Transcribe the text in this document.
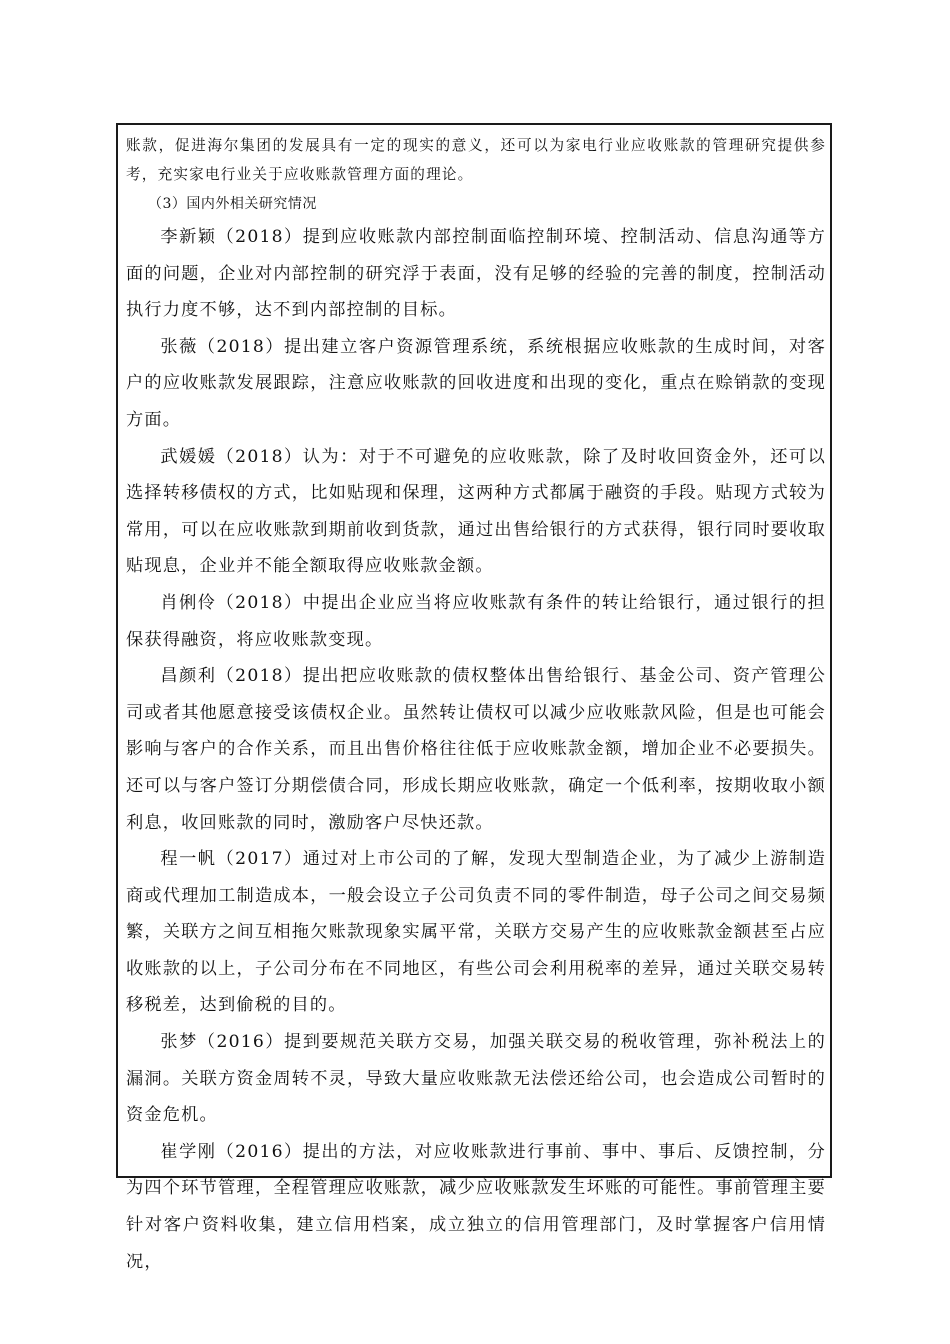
账款，促进海尔集团的发展具有一定的现实的意义，还可以为家电行业应收账款的管理研究提供参考，充实家电行业关于应收账款管理方面的理论。

（3）国内外相关研究情况

李新颖（2018）提到应收账款内部控制面临控制环境、控制活动、信息沟通等方面的问题，企业对内部控制的研究浮于表面，没有足够的经验的完善的制度，控制活动执行力度不够，达不到内部控制的目标。

张薇（2018）提出建立客户资源管理系统，系统根据应收账款的生成时间，对客户的应收账款发展跟踪，注意应收账款的回收进度和出现的变化，重点在赊销款的变现方面。

武媛媛（2018）认为：对于不可避免的应收账款，除了及时收回资金外，还可以选择转移债权的方式，比如贴现和保理，这两种方式都属于融资的手段。贴现方式较为常用，可以在应收账款到期前收到货款，通过出售给银行的方式获得，银行同时要收取贴现息，企业并不能全额取得应收账款金额。

肖俐伶（2018）中提出企业应当将应收账款有条件的转让给银行，通过银行的担保获得融资，将应收账款变现。

昌颜利（2018）提出把应收账款的债权整体出售给银行、基金公司、资产管理公司或者其他愿意接受该债权企业。虽然转让债权可以减少应收账款风险，但是也可能会影响与客户的合作关系，而且出售价格往往低于应收账款金额，增加企业不必要损失。还可以与客户签订分期偿债合同，形成长期应收账款，确定一个低利率，按期收取小额利息，收回账款的同时，激励客户尽快还款。

程一帆（2017）通过对上市公司的了解，发现大型制造企业，为了减少上游制造商或代理加工制造成本，一般会设立子公司负责不同的零件制造，母子公司之间交易频繁，关联方之间互相拖欠账款现象实属平常，关联方交易产生的应收账款金额甚至占应收账款的以上，子公司分布在不同地区，有些公司会利用税率的差异，通过关联交易转移税差，达到偷税的目的。

张梦（2016）提到要规范关联方交易，加强关联交易的税收管理，弥补税法上的漏洞。关联方资金周转不灵，导致大量应收账款无法偿还给公司，也会造成公司暂时的资金危机。

崔学刚（2016）提出的方法，对应收账款进行事前、事中、事后、反馈控制，分为四个环节管理，全程管理应收账款，减少应收账款发生坏账的可能性。事前管理主要针对客户资料收集，建立信用档案，成立独立的信用管理部门，及时掌握客户信用情况，
